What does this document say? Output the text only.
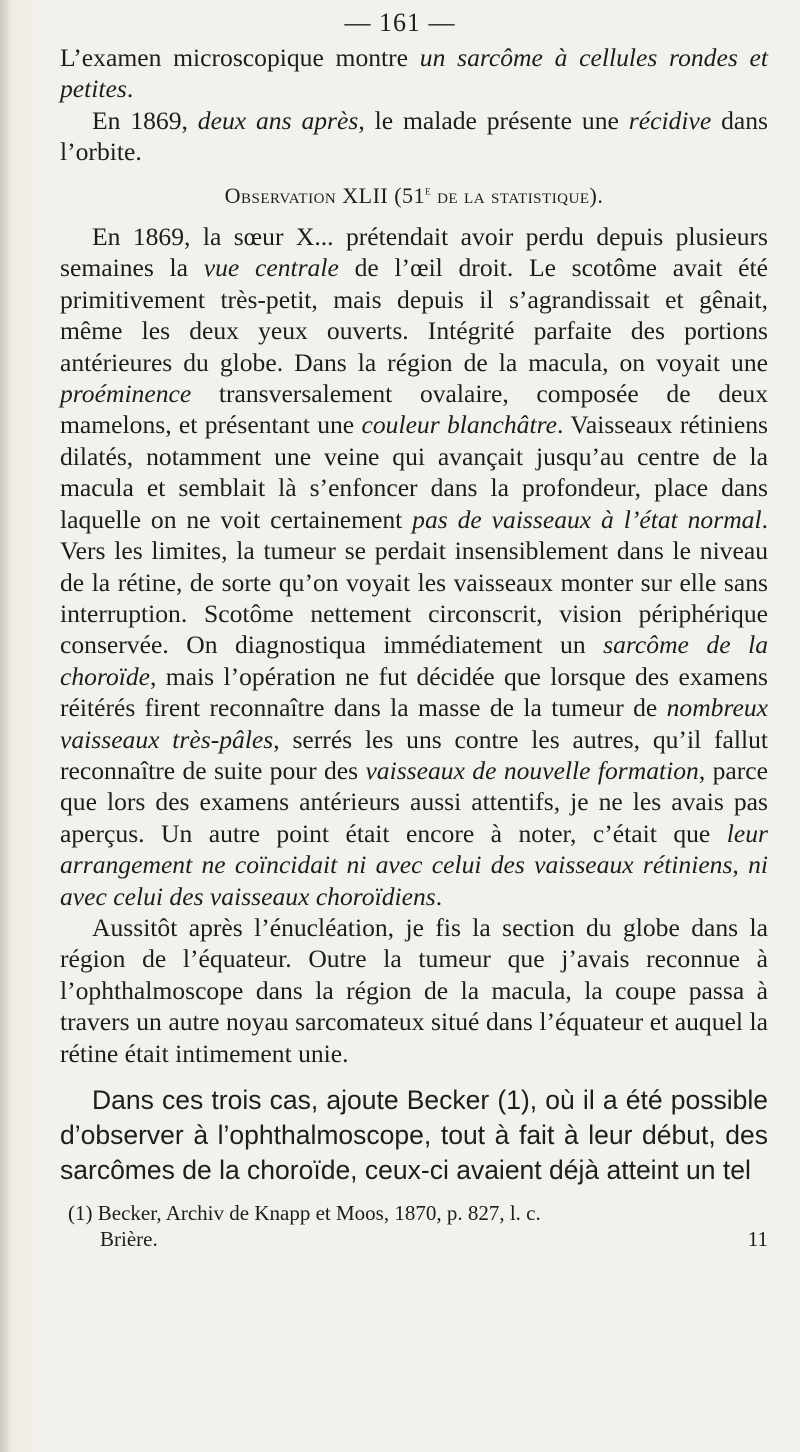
— 161 —

L’examen microscopique montre un sarcôme à cellules rondes et petites.

En 1869, deux ans après, le malade présente une récidive dans l’orbite.

Observation XLII (51e de la statistique).

En 1869, la sœur X... prétendait avoir perdu depuis plusieurs semaines la vue centrale de l’œil droit. Le scotôme avait été primitivement très-petit, mais depuis il s’agrandissait et gênait, même les deux yeux ouverts. Intégrité parfaite des portions antérieures du globe. Dans la région de la macula, on voyait une proéminence transversalement ovalaire, composée de deux mamelons, et présentant une couleur blanchâtre. Vaisseaux rétiniens dilatés, notamment une veine qui avançait jusqu’au centre de la macula et semblait là s’enfoncer dans la profondeur, place dans laquelle on ne voit certainement pas de vaisseaux à l’état normal. Vers les limites, la tumeur se perdait insensiblement dans le niveau de la rétine, de sorte qu’on voyait les vaisseaux monter sur elle sans interruption. Scotôme nettement circonscrit, vision périphérique conservée. On diagnostiqua immédiatement un sarcôme de la choroïde, mais l’opération ne fut décidée que lorsque des examens réitérés firent reconnaître dans la masse de la tumeur de nombreux vaisseaux très-pâles, serrés les uns contre les autres, qu’il fallut reconnaître de suite pour des vaisseaux de nouvelle formation, parce que lors des examens antérieurs aussi attentifs, je ne les avais pas aperçus. Un autre point était encore à noter, c’était que leur arrangement ne coïncidait ni avec celui des vaisseaux rétiniens, ni avec celui des vaisseaux choroïdiens.

Aussitôt après l’énucléation, je fis la section du globe dans la région de l’équateur. Outre la tumeur que j’avais reconnue à l’ophthalmoscope dans la région de la macula, la coupe passa à travers un autre noyau sarcomateux situé dans l’équateur et auquel la rétine était intimement unie.

Dans ces trois cas, ajoute Becker (1), où il a été possible d’observer à l’ophthalmoscope, tout à fait à leur début, des sarcômes de la choroïde, ceux-ci avaient déjà atteint un tel

(1) Becker, Archiv de Knapp et Moos, 1870, p. 827, l. c.

Brière.	11
